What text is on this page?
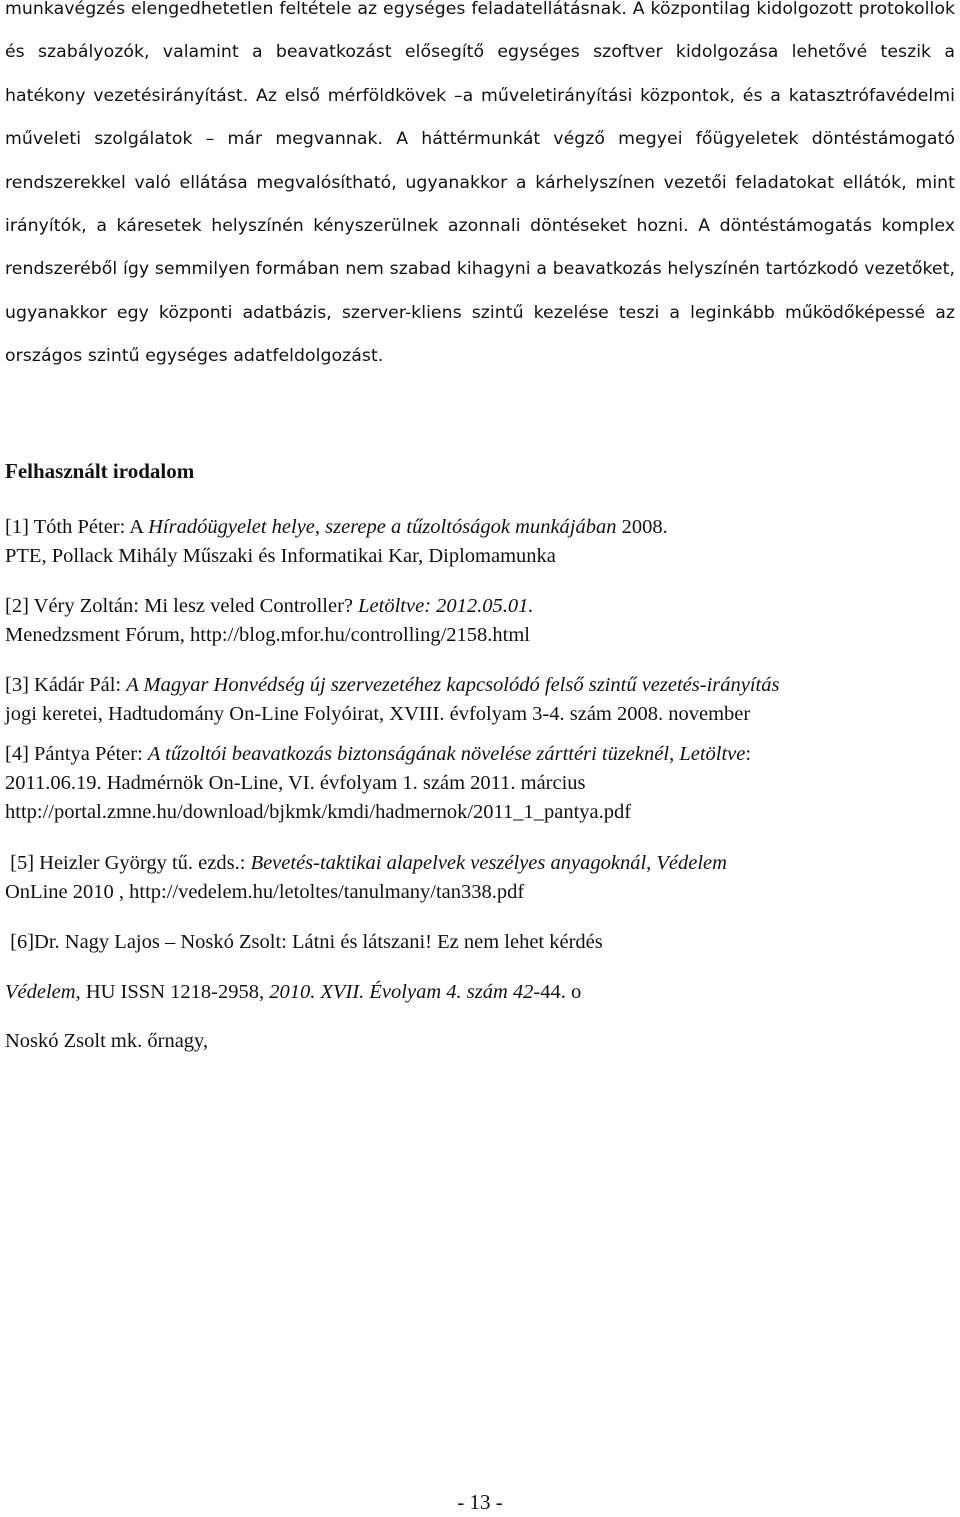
munkavégzés elengedhetetlen feltétele az egységes feladatellátásnak. A központilag kidolgozott protokollok és szabályozók, valamint a beavatkozást elősegítő egységes szoftver kidolgozása lehetővé teszik a hatékony vezetésirányítást. Az első mérföldkövek –a műveletirányítási központok, és a katasztrófavédelmi műveleti szolgálatok – már megvannak. A háttérmunkát végző megyei főügyeletek döntéstámogató rendszerekkel való ellátása megvalósítható, ugyanakkor a kárhelyszínen vezetői feladatokat ellátók, mint irányítók, a káresetek helyszínén kényszerülnek azonnali döntéseket hozni. A döntéstámogatás komplex rendszeréből így semmilyen formában nem szabad kihagyni a beavatkozás helyszínén tartózkodó vezetőket, ugyanakkor egy központi adatbázis, szerver-kliens szintű kezelése teszi a leginkább működőképessé az országos szintű egységes adatfeldolgozást.

Felhasznált irodalom
[1] Tóth Péter: A Híradóügyelet helye, szerepe a tűzoltóságok munkájában 2008.
PTE, Pollack Mihály Műszaki és Informatikai Kar, Diplomamunka
[2] Véry Zoltán: Mi lesz veled Controller? Letöltve: 2012.05.01.
Menedzsment Fórum, http://blog.mfor.hu/controlling/2158.html
[3] Kádár Pál: A Magyar Honvédség új szervezetéhez kapcsolódó felső szintű vezetés-irányítás
jogi keretei, Hadtudomány On-Line Folyóirat, XVIII. évfolyam 3-4. szám 2008. november
[4] Pántya Péter: A tűzoltói beavatkozás biztonságának növelése zárttéri tüzeknél, Letöltve:
2011.06.19. Hadmérnök On-Line, VI. évfolyam 1. szám 2011. március
http://portal.zmne.hu/download/bjkmk/kmdi/hadmernok/2011_1_pantya.pdf
[5] Heizler György tű. ezds.: Bevetés-taktikai alapelvek veszélyes anyagoknál, Védelem
OnLine 2010 , http://vedelem.hu/letoltes/tanulmany/tan338.pdf
[6]Dr. Nagy Lajos – Noskó Zsolt: Látni és látszani! Ez nem lehet kérdés
Védelem, HU ISSN 1218-2958, 2010. XVII. Évolyam 4. szám 42-44. o
Noskó Zsolt mk. őrnagy,
- 13 -
